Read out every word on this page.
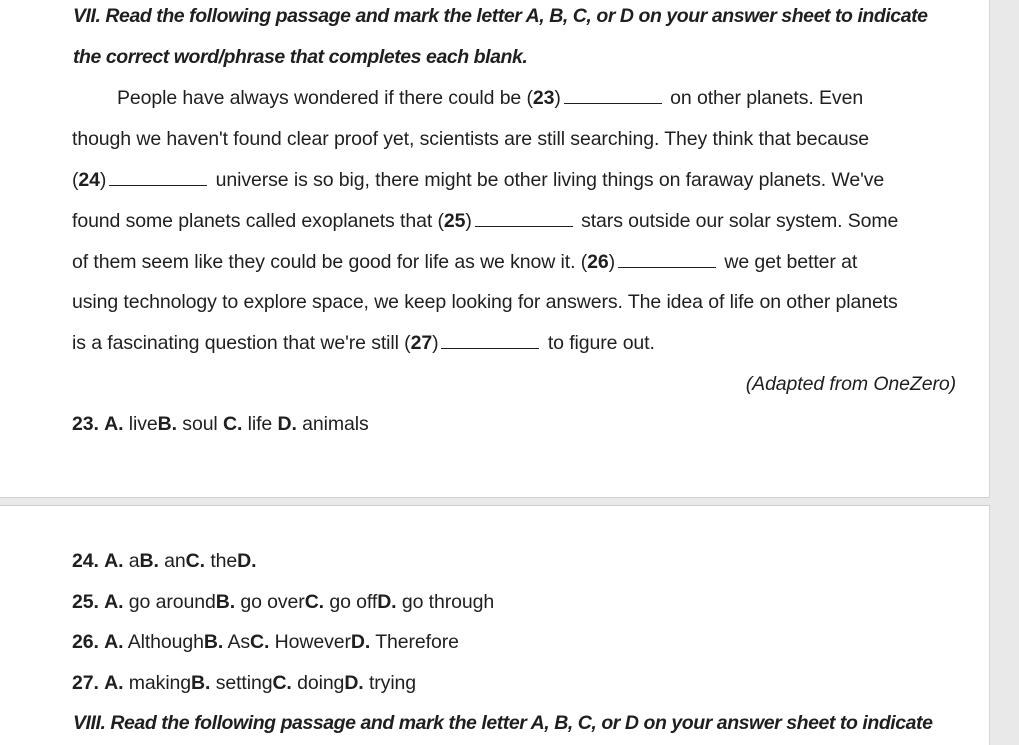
VII. Read the following passage and mark the letter A, B, C, or D on your answer sheet to indicate
the correct word/phrase that completes each blank.
People have always wondered if there could be (23)	on other planets. Even
though we haven't found clear proof yet, scientists are still searching. They think that because
(24)	universe is so big, there might be other living things on faraway planets. We've
found some planets called exoplanets that (25)	stars outside our solar system. Some
of them seem like they could be good for life as we know it. (26)	we get better at
using technology to explore space, we keep looking for answers. The idea of life on other planets
is a fascinating question that we're still (27)	to figure out.
(Adapted from OneZero)
23. A. liveB. soul C. life D. animals
24. A. aB. anC. theD.
25. A. go aroundB. go overC. go offD. go through
26. A. AlthoughB. AsC. HoweverD. Therefore
27. A. makingB. settingC. doingD. trying
VIII. Read the following passage and mark the letter A, B, C, or D on your answer sheet to indicate
